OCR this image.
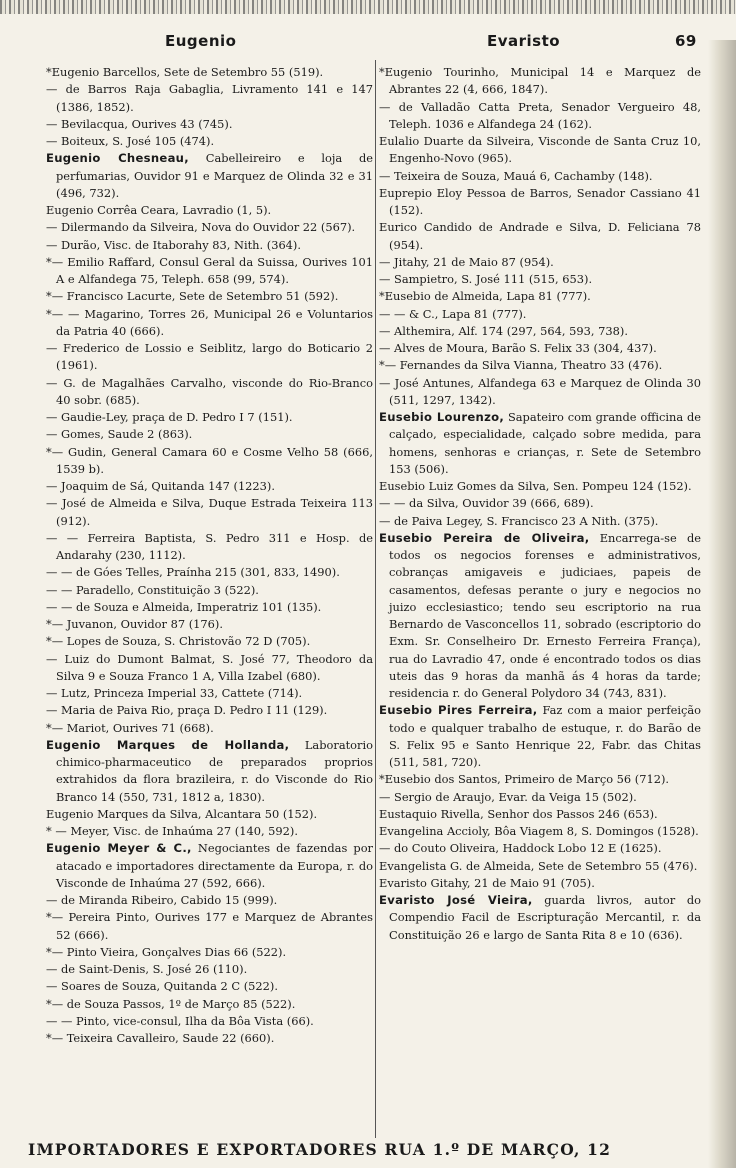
Eugenio	Evaristo	69

*Eugenio Barcellos, Sete de Setembro 55 (519).

— de Barros Raja Gabaglia, Livramento 141 e 147 (1386, 1852).

— Bevilacqua, Ourives 43 (745).

— Boiteux, S. José 105 (474).

Eugenio Chesneau, Cabelleireiro e loja de perfumarias, Ouvidor 91 e Marquez de Olinda 32 e 31 (496, 732).

Eugenio Corrêa Ceara, Lavradio (1, 5).

— Dilermando da Silveira, Nova do Ouvidor 22 (567).

— Durão, Visc. de Itaborahy 83, Nith. (364).

*— Emilio Raffard, Consul Geral da Suissa, Ourives 101 A e Alfandega 75, Teleph. 658 (99, 574).

*— Francisco Lacurte, Sete de Setembro 51 (592).

*— — Magarino, Torres 26, Municipal 26 e Voluntarios da Patria 40 (666).

— Frederico de Lossio e Seiblitz, largo do Boticario 2 (1961).

— G. de Magalhães Carvalho, visconde do Rio-Branco 40 sobr. (685).

— Gaudie-Ley, praça de D. Pedro I 7 (151).

— Gomes, Saude 2 (863).

*— Gudin, General Camara 60 e Cosme Velho 58 (666, 1539 b).

— Joaquim de Sá, Quitanda 147 (1223).

— José de Almeida e Silva, Duque Estrada Teixeira 113 (912).

— — Ferreira Baptista, S. Pedro 311 e Hosp. de Andarahy (230, 1112).

— — de Góes Telles, Praínha 215 (301, 833, 1490).

— — Paradello, Constituição 3 (522).

— — de Souza e Almeida, Imperatriz 101 (135).

*— Juvanon, Ouvidor 87 (176).

*— Lopes de Souza, S. Christovão 72 D (705).

— Luiz do Dumont Balmat, S. José 77, Theodoro da Silva 9 e Souza Franco 1 A, Villa Izabel (680).

— Lutz, Princeza Imperial 33, Cattete (714).

— Maria de Paiva Rio, praça D. Pedro I 11 (129).

*— Mariot, Ourives 71 (668).

Eugenio Marques de Hollanda, Laboratorio chimico-pharmaceutico de preparados proprios extrahidos da flora brazileira, r. do Visconde do Rio Branco 14 (550, 731, 1812 a, 1830).

Eugenio Marques da Silva, Alcantara 50 (152).

* — Meyer, Visc. de Inhaúma 27 (140, 592).

Eugenio Meyer & C., Negociantes de fazendas por atacado e importadores directamente da Europa, r. do Visconde de Inhaúma 27 (592, 666).

— de Miranda Ribeiro, Cabido 15 (999).

*— Pereira Pinto, Ourives 177 e Marquez de Abrantes 52 (666).

*— Pinto Vieira, Gonçalves Dias 66 (522).

— de Saint-Denis, S. José 26 (110).

— Soares de Souza, Quitanda 2 C (522).

*— de Souza Passos, 1º de Março 85 (522).

— — Pinto, vice-consul, Ilha da Bôa Vista (66).

*— Teixeira Cavalleiro, Saude 22 (660).

*Eugenio Tourinho, Municipal 14 e Marquez de Abrantes 22 (4, 666, 1847).

— de Valladão Catta Preta, Senador Vergueiro 48, Teleph. 1036 e Alfandega 24 (162).

Eulalio Duarte da Silveira, Visconde de Santa Cruz 10, Engenho-Novo (965).

— Teixeira de Souza, Mauá 6, Cachamby (148).

Euprepio Eloy Pessoa de Barros, Senador Cassiano 41 (152).

Eurico Candido de Andrade e Silva, D. Feliciana 78 (954).

— Jitahy, 21 de Maio 87 (954).

— Sampietro, S. José 111 (515, 653).

*Eusebio de Almeida, Lapa 81 (777).

— — & C., Lapa 81 (777).

— Althemira, Alf. 174 (297, 564, 593, 738).

— Alves de Moura, Barão S. Felix 33 (304, 437).

*— Fernandes da Silva Vianna, Theatro 33 (476).

— José Antunes, Alfandega 63 e Marquez de Olinda 30 (511, 1297, 1342).

Eusebio Lourenzo, Sapateiro com grande officina de calçado, especialidade, calçado sobre medida, para homens, senhoras e crianças, r. Sete de Setembro 153 (506).

Eusebio Luiz Gomes da Silva, Sen. Pompeu 124 (152).

— — da Silva, Ouvidor 39 (666, 689).

— de Paiva Legey, S. Francisco 23 A Nith. (375).

Eusebio Pereira de Oliveira, Encarrega-se de todos os negocios forenses e administrativos, cobranças amigaveis e judiciaes, papeis de casamentos, defesas perante o jury e negocios no juizo ecclesiastico; tendo seu escriptorio na rua Bernardo de Vasconcellos 11, sobrado (escriptorio do Exm. Sr. Conselheiro Dr. Ernesto Ferreira França), rua do Lavradio 47, onde é encontrado todos os dias uteis das 9 horas da manhã ás 4 horas da tarde; residencia r. do General Polydoro 34 (743, 831).

Eusebio Pires Ferreira, Faz com a maior perfeição todo e qualquer trabalho de estuque, r. do Barão de S. Felix 95 e Santo Henrique 22, Fabr. das Chitas (511, 581, 720).

*Eusebio dos Santos, Primeiro de Março 56 (712).

— Sergio de Araujo, Evar. da Veiga 15 (502).

Eustaquio Rivella, Senhor dos Passos 246 (653).

Evangelina Accioly, Bôa Viagem 8, S. Domingos (1528).

— do Couto Oliveira, Haddock Lobo 12 E (1625).

Evangelista G. de Almeida, Sete de Setembro 55 (476).

Evaristo Gitahy, 21 de Maio 91 (705).

Evaristo José Vieira, guarda livros, autor do Compendio Facil de Escripturação Mercantil, r. da Constituição 26 e largo de Santa Rita 8 e 10 (636).

IMPORTADORES E EXPORTADORES RUA 1.º DE MARÇO, 12
